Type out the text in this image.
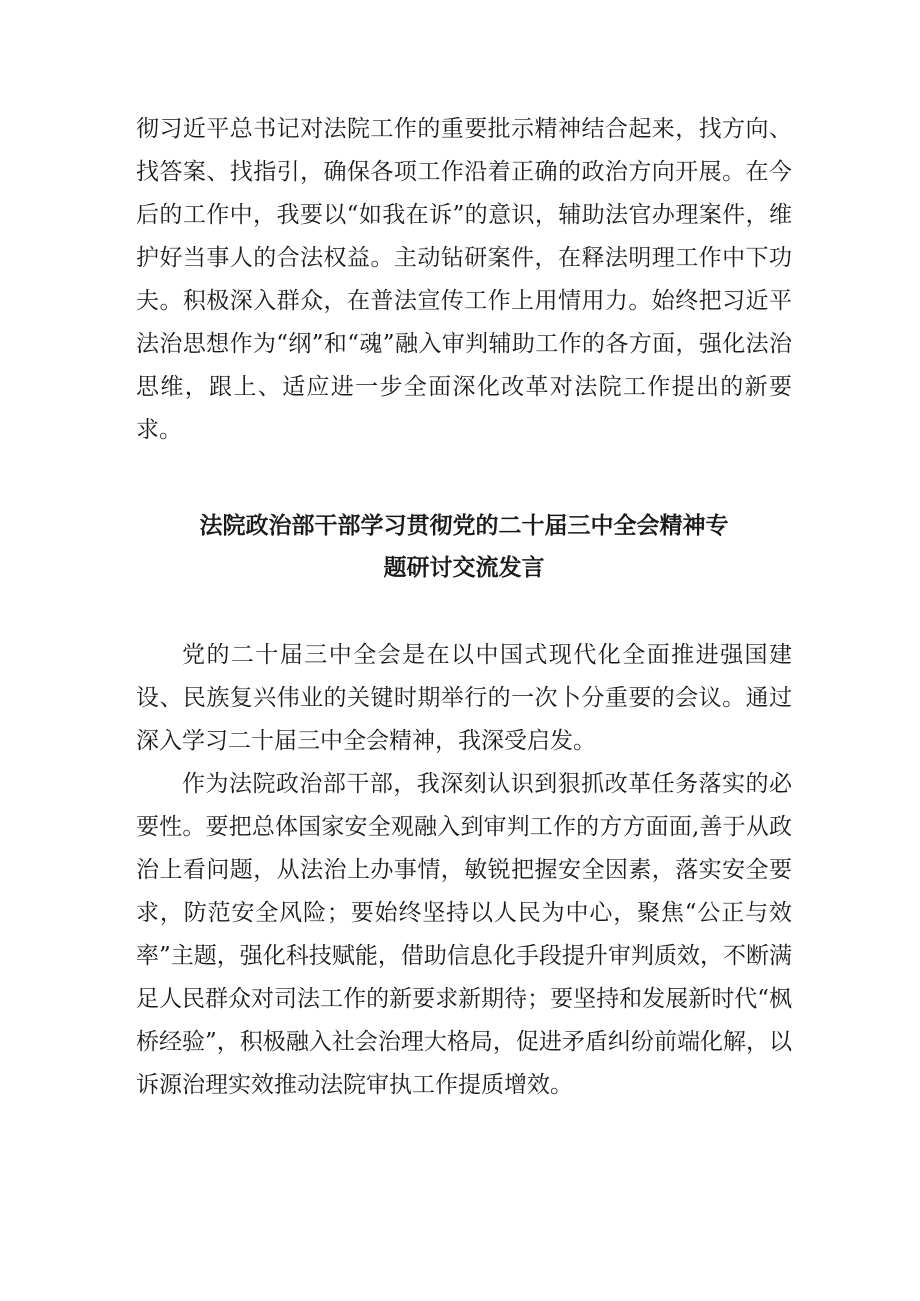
彻习近平总书记对法院工作的重要批示精神结合起来，找方向、找答案、找指引，确保各项工作沿着正确的政治方向开展。在今后的工作中，我要以“如我在诉”的意识，辅助法官办理案件，维护好当事人的合法权益。主动钻研案件，在释法明理工作中下功夫。积极深入群众，在普法宣传工作上用情用力。始终把习近平法治思想作为“纲”和“魂”融入审判辅助工作的各方面，强化法治思维，跟上、适应进一步全面深化改革对法院工作提出的新要求。
法院政治部干部学习贯彻党的二十届三中全会精神专
题研讨交流发言

党的二十届三中全会是在以中国式现代化全面推进强国建设、民族复兴伟业的关键时期举行的一次卜分重要的会议。通过深入学习二十届三中全会精神，我深受启发。

作为法院政治部干部，我深刻认识到狠抓改革任务落实的必要性。要把总体国家安全观融入到审判工作的方方面面,善于从政治上看问题，从法治上办事情，敏锐把握安全因素，落实安全要求，防范安全风险；要始终坚持以人民为中心，聚焦“公正与效率”主题，强化科技赋能，借助信息化手段提升审判质效，不断满足人民群众对司法工作的新要求新期待；要坚持和发展新时代“枫桥经验”，积极融入社会治理大格局，促进矛盾纠纷前端化解，以诉源治理实效推动法院审执工作提质增效。
